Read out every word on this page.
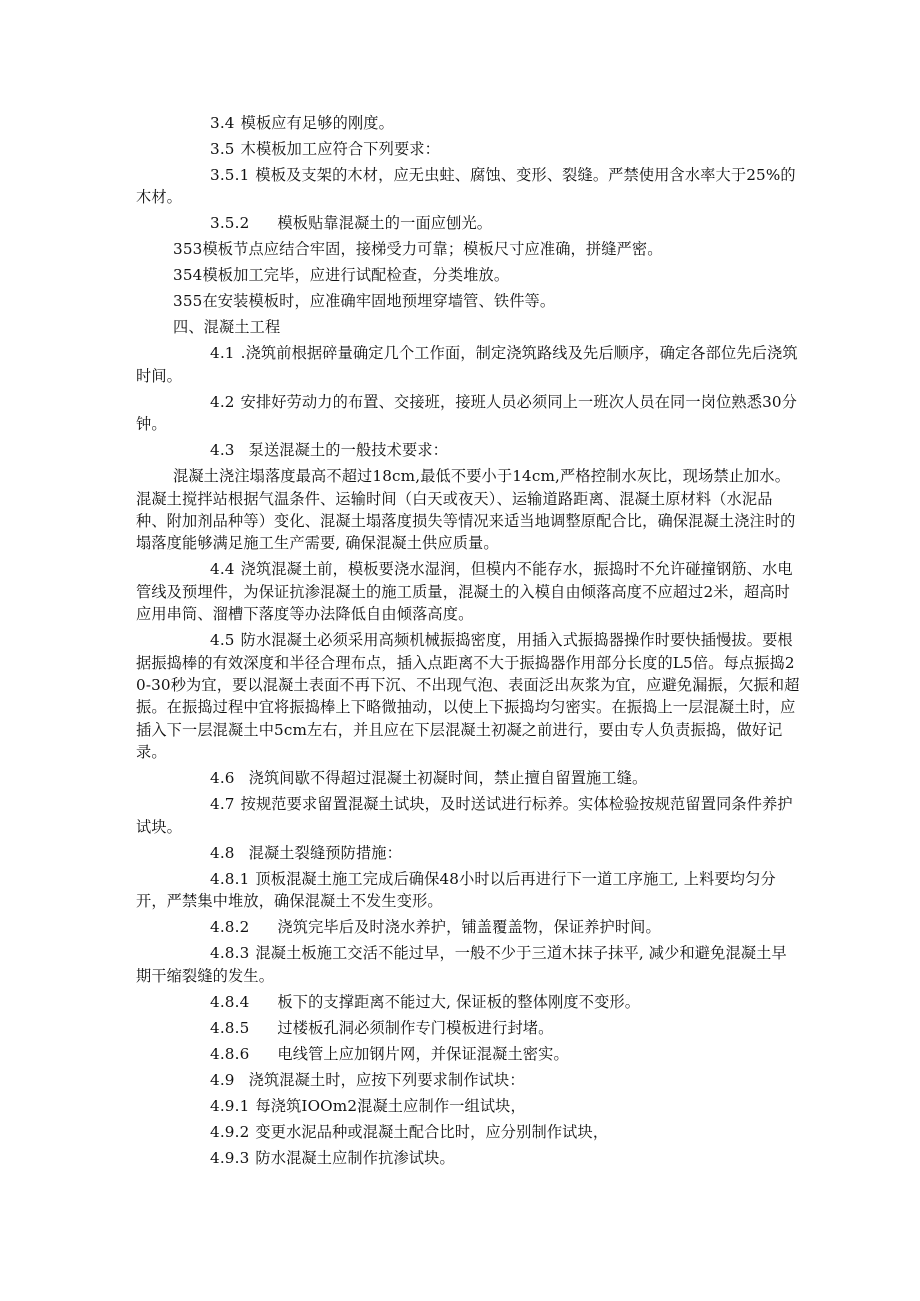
3.4 模板应有足够的刚度。

3.5 木模板加工应符合下列要求：

3.5.1 模板及支架的木材，应无虫蛀、腐蚀、变形、裂缝。严禁使用含水率大于25%的木材。

3.5.2 模板贴靠混凝土的一面应刨光。

353模板节点应结合牢固，接梯受力可靠；模板尺寸应准确，拼缝严密。

354模板加工完毕，应进行试配检查，分类堆放。

355在安装模板时，应准确牢固地预埋穿墙管、铁件等。

四、混凝土工程

4.1 .浇筑前根据碎量确定几个工作面，制定浇筑路线及先后顺序，确定各部位先后浇筑时间。

4.2 安排好劳动力的布置、交接班，接班人员必须同上一班次人员在同一岗位熟悉30分钟。

4.3 泵送混凝土的一般技术要求：

混凝土浇注塌落度最高不超过18cm,最低不要小于14cm,严格控制水灰比，现场禁止加水。混凝土搅拌站根据气温条件、运输时间（白天或夜天）、运输道路距离、混凝土原材料（水泥品种、附加剂品种等）变化、混凝土塌落度损失等情况来适当地调整原配合比，确保混凝土浇注时的塌落度能够满足施工生产需要, 确保混凝土供应质量。

4.4 浇筑混凝土前，模板要浇水湿润，但模内不能存水，振捣时不允许碰撞钢筋、水电管线及预埋件，为保证抗渗混凝土的施工质量，混凝土的入模自由倾落高度不应超过2米，超高时应用串筒、溜槽下落度等办法降低自由倾落高度。

4.5 防水混凝土必须采用高频机械振捣密度，用插入式振捣器操作时要快插慢拔。要根据振捣棒的有效深度和半径合理布点，插入点距离不大于振捣器作用部分长度的L5倍。每点振捣20-30秒为宜，要以混凝土表面不再下沉、不出现气泡、表面泛出灰浆为宜，应避免漏振，欠振和超振。在振捣过程中宜将振捣棒上下略微抽动，以使上下振捣均匀密实。在振捣上一层混凝土时，应插入下一层混凝土中5cm左右，并且应在下层混凝土初凝之前进行，要由专人负责振捣，做好记录。

4.6 浇筑间歇不得超过混凝土初凝时间，禁止擅自留置施工缝。

4.7 按规范要求留置混凝土试块，及时送试进行标养。实体检验按规范留置同条件养护试块。

4.8 混凝土裂缝预防措施：

4.8.1 顶板混凝土施工完成后确保48小时以后再进行下一道工序施工, 上料要均匀分开，严禁集中堆放，确保混凝土不发生变形。

4.8.2 浇筑完毕后及时浇水养护，铺盖覆盖物，保证养护时间。

4.8.3 混凝土板施工交活不能过早，一般不少于三道木抹子抹平, 减少和避免混凝土早期干缩裂缝的发生。

4.8.4 板下的支撑距离不能过大, 保证板的整体刚度不变形。

4.8.5 过楼板孔洞必须制作专门模板进行封堵。

4.8.6 电线管上应加钢片网，并保证混凝土密实。

4.9 浇筑混凝土时，应按下列要求制作试块：

4.9.1 每浇筑IOOm2混凝土应制作一组试块，

4.9.2 变更水泥品种或混凝土配合比时，应分别制作试块，

4.9.3 防水混凝土应制作抗渗试块。
